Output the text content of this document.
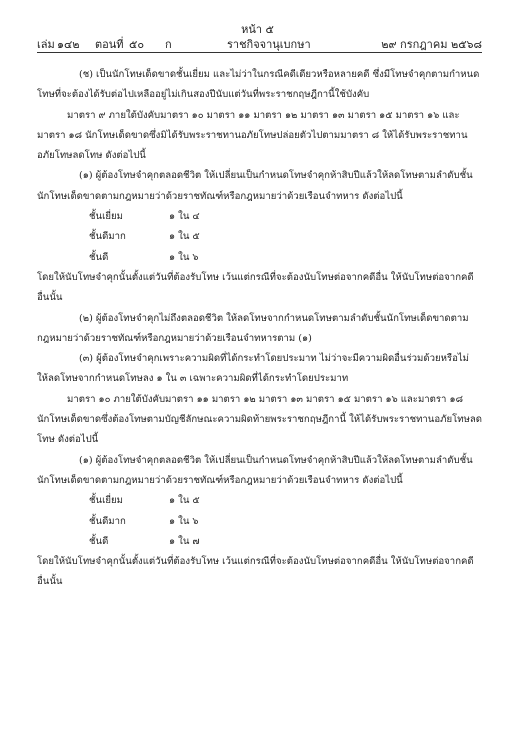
หน้า ๕
เล่ม ๑๔๒ ตอนที่ ๕๐ ก	ราชกิจจานุเบกษา	๒๙ กรกฎาคม ๒๕๖๘

(ช) เป็นนักโทษเด็ดขาดชั้นเยี่ยม และไม่ว่าในกรณีคดีเดียวหรือหลายคดี ซึ่งมีโทษจำคุกตามกำหนดโทษที่จะต้องได้รับต่อไปเหลืออยู่ไม่เกินสองปีนับแต่วันที่พระราชกฤษฎีกานี้ใช้บังคับ

มาตรา ๙ ภายใต้บังคับมาตรา ๑๐ มาตรา ๑๑ มาตรา ๑๒ มาตรา ๑๓ มาตรา ๑๕ มาตรา ๑๖ และมาตรา ๑๘ นักโทษเด็ดขาดซึ่งมิได้รับพระราชทานอภัยโทษปล่อยตัวไปตามมาตรา ๘ ให้ได้รับพระราชทานอภัยโทษลดโทษ ดังต่อไปนี้

(๑) ผู้ต้องโทษจำคุกตลอดชีวิต ให้เปลี่ยนเป็นกำหนดโทษจำคุกห้าสิบปีแล้วให้ลดโทษตามลำดับชั้นนักโทษเด็ดขาดตามกฎหมายว่าด้วยราชทัณฑ์หรือกฎหมายว่าด้วยเรือนจำทหาร ดังต่อไปนี้

ชั้นเยี่ยม	๑ ใน ๔
ชั้นดีมาก	๑ ใน ๕
ชั้นดี	๑ ใน ๖

โดยให้นับโทษจำคุกนั้นตั้งแต่วันที่ต้องรับโทษ เว้นแต่กรณีที่จะต้องนับโทษต่อจากคดีอื่น ให้นับโทษต่อจากคดีอื่นนั้น

(๒) ผู้ต้องโทษจำคุกไม่ถึงตลอดชีวิต ให้ลดโทษจากกำหนดโทษตามลำดับชั้นนักโทษเด็ดขาดตามกฎหมายว่าด้วยราชทัณฑ์หรือกฎหมายว่าด้วยเรือนจำทหารตาม (๑)

(๓) ผู้ต้องโทษจำคุกเพราะความผิดที่ได้กระทำโดยประมาท ไม่ว่าจะมีความผิดอื่นร่วมด้วยหรือไม่ ให้ลดโทษจากกำหนดโทษลง ๑ ใน ๓ เฉพาะความผิดที่ได้กระทำโดยประมาท

มาตรา ๑๐ ภายใต้บังคับมาตรา ๑๑ มาตรา ๑๒ มาตรา ๑๓ มาตรา ๑๕ มาตรา ๑๖ และมาตรา ๑๘ นักโทษเด็ดขาดซึ่งต้องโทษตามบัญชีลักษณะความผิดท้ายพระราชกฤษฎีกานี้ ให้ได้รับพระราชทานอภัยโทษลดโทษ ดังต่อไปนี้

(๑) ผู้ต้องโทษจำคุกตลอดชีวิต ให้เปลี่ยนเป็นกำหนดโทษจำคุกห้าสิบปีแล้วให้ลดโทษตามลำดับชั้นนักโทษเด็ดขาดตามกฎหมายว่าด้วยราชทัณฑ์หรือกฎหมายว่าด้วยเรือนจำทหาร ดังต่อไปนี้

ชั้นเยี่ยม	๑ ใน ๕
ชั้นดีมาก	๑ ใน ๖
ชั้นดี	๑ ใน ๗

โดยให้นับโทษจำคุกนั้นตั้งแต่วันที่ต้องรับโทษ เว้นแต่กรณีที่จะต้องนับโทษต่อจากคดีอื่น ให้นับโทษต่อจากคดีอื่นนั้น
